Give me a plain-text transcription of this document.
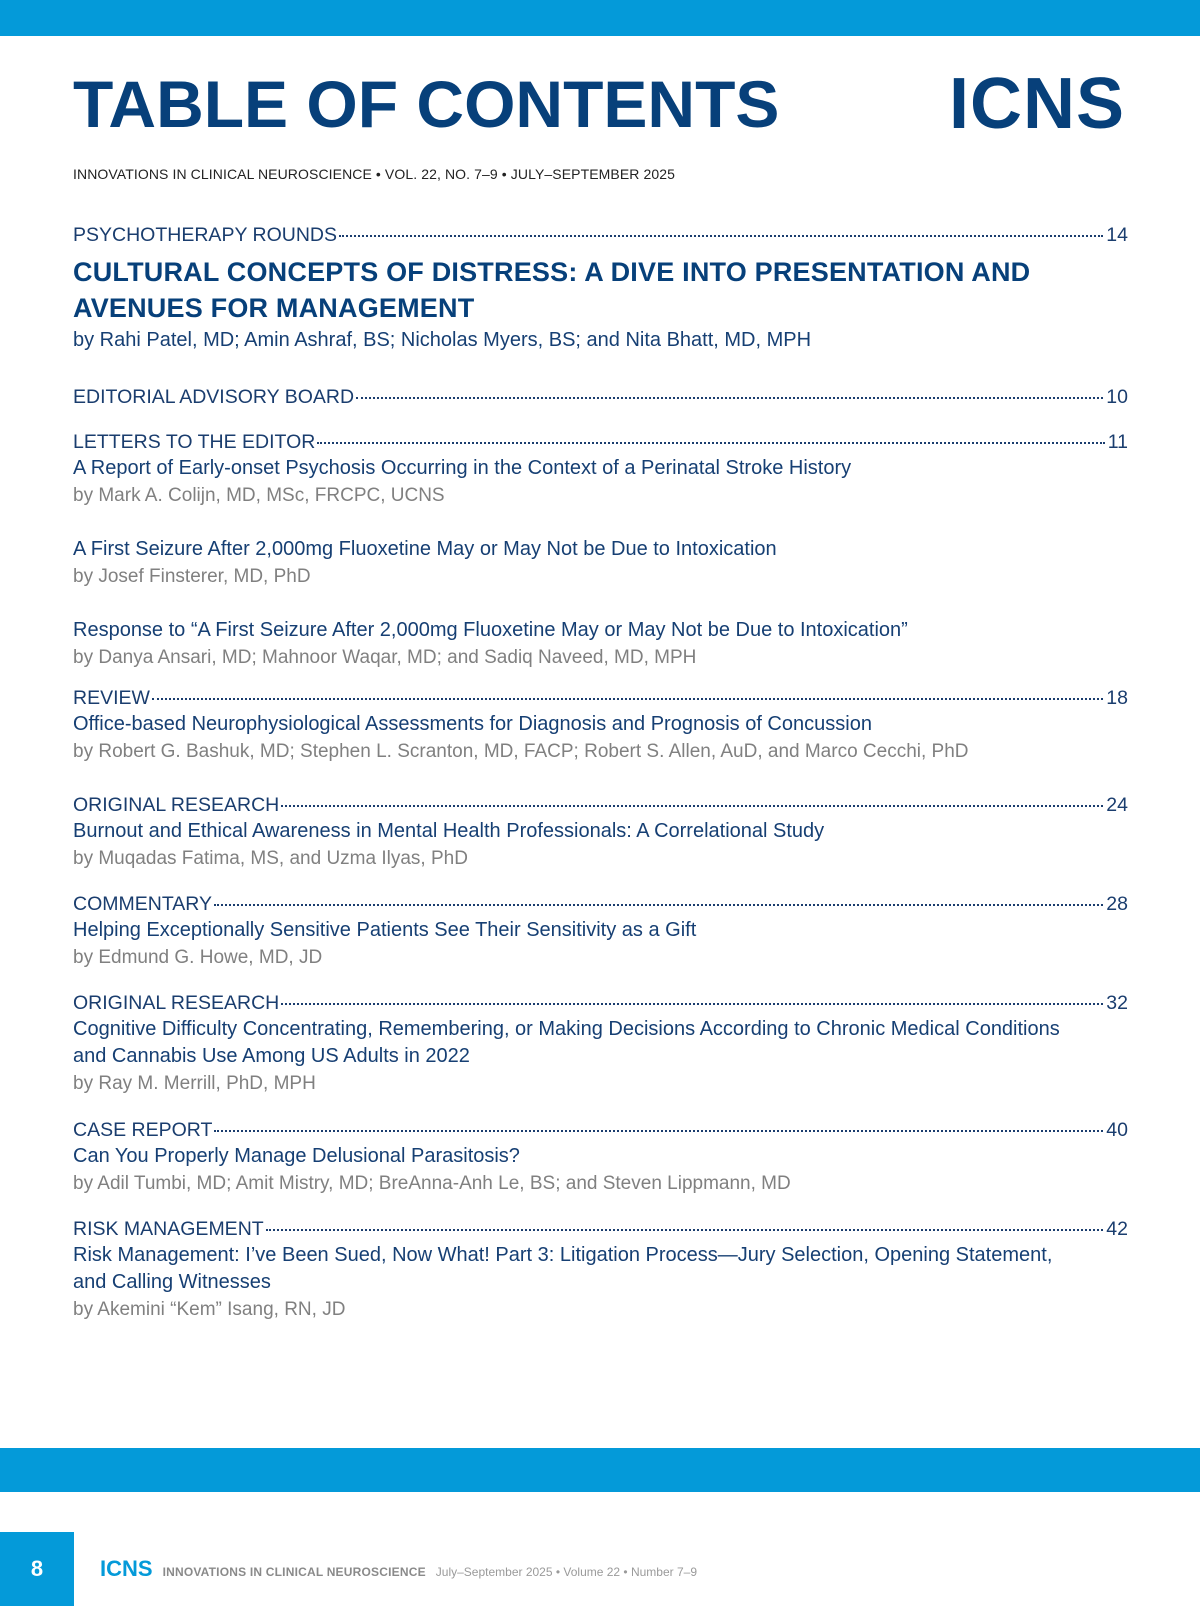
TABLE OF CONTENTS ICNS
INNOVATIONS IN CLINICAL NEUROSCIENCE • VOL. 22, NO. 7–9 • JULY–SEPTEMBER 2025
PSYCHOTHERAPY ROUNDS	14
CULTURAL CONCEPTS OF DISTRESS: A DIVE INTO PRESENTATION AND
AVENUES FOR MANAGEMENT
by Rahi Patel, MD; Amin Ashraf, BS; Nicholas Myers, BS; and Nita Bhatt, MD, MPH
EDITORIAL ADVISORY BOARD	10
LETTERS TO THE EDITOR	11
A Report of Early-onset Psychosis Occurring in the Context of a Perinatal Stroke History
by Mark A. Colijn, MD, MSc, FRCPC, UCNS
A First Seizure After 2,000mg Fluoxetine May or May Not be Due to Intoxication
by Josef Finsterer, MD, PhD
Response to “A First Seizure After 2,000mg Fluoxetine May or May Not be Due to Intoxication”
by Danya Ansari, MD; Mahnoor Waqar, MD; and Sadiq Naveed, MD, MPH
REVIEW	18
Office-based Neurophysiological Assessments for Diagnosis and Prognosis of Concussion
by Robert G. Bashuk, MD; Stephen L. Scranton, MD, FACP; Robert S. Allen, AuD, and Marco Cecchi, PhD
ORIGINAL RESEARCH	24
Burnout and Ethical Awareness in Mental Health Professionals: A Correlational Study
by Muqadas Fatima, MS, and Uzma Ilyas, PhD
COMMENTARY	28
Helping Exceptionally Sensitive Patients See Their Sensitivity as a Gift
by Edmund G. Howe, MD, JD
ORIGINAL RESEARCH	32
Cognitive Difficulty Concentrating, Remembering, or Making Decisions According to Chronic Medical Conditions
and Cannabis Use Among US Adults in 2022
by Ray M. Merrill, PhD, MPH
CASE REPORT	40
Can You Properly Manage Delusional Parasitosis?
by Adil Tumbi, MD; Amit Mistry, MD; BreAnna-Anh Le, BS; and Steven Lippmann, MD
RISK MANAGEMENT	42
Risk Management: I’ve Been Sued, Now What! Part 3: Litigation Process—Jury Selection, Opening Statement,
and Calling Witnesses
by Akemini “Kem” Isang, RN, JD
8	ICNS INNOVATIONS IN CLINICAL NEUROSCIENCE July–September 2025 • Volume 22 • Number 7–9
